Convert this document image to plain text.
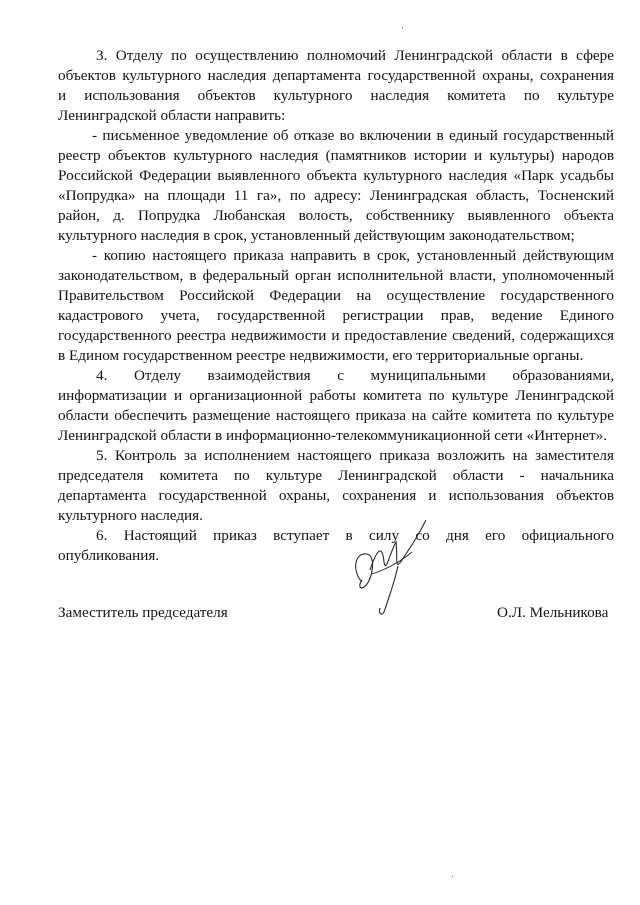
3. Отделу по осуществлению полномочий Ленинградской области в сфере
объектов культурного наследия департамента государственной охраны, сохранения
и использования объектов культурного наследия комитета по культуре
Ленинградской области направить:
- письменное уведомление об отказе во включении в единый государственный
реестр объектов культурного наследия (памятников истории и культуры) народов
Российской Федерации выявленного объекта культурного наследия «Парк усадьбы
«Попрудка» на площади 11 га», по адресу: Ленинградская область, Тосненский
район, д. Попрудка Любанская волость, собственнику выявленного объекта
культурного наследия в срок, установленный действующим законодательством;
- копию настоящего приказа направить в срок, установленный действующим
законодательством, в федеральный орган исполнительной власти, уполномоченный
Правительством Российской Федерации на осуществление государственного
кадастрового учета, государственной регистрации прав, ведение Единого
государственного реестра недвижимости и предоставление сведений, содержащихся
в Едином государственном реестре недвижимости, его территориальные органы.
4. Отделу взаимодействия с муниципальными образованиями,
информатизации и организационной работы комитета по культуре Ленинградской
области обеспечить размещение настоящего приказа на сайте комитета по культуре
Ленинградской области в информационно-телекоммуникационной сети «Интернет».
5. Контроль за исполнением настоящего приказа возложить на заместителя
председателя комитета по культуре Ленинградской области - начальника
департамента государственной охраны, сохранения и использования объектов
культурного наследия.
6. Настоящий приказ вступает в силу со дня его официального
опубликования.
Заместитель председателя	О.Л. Мельникова
